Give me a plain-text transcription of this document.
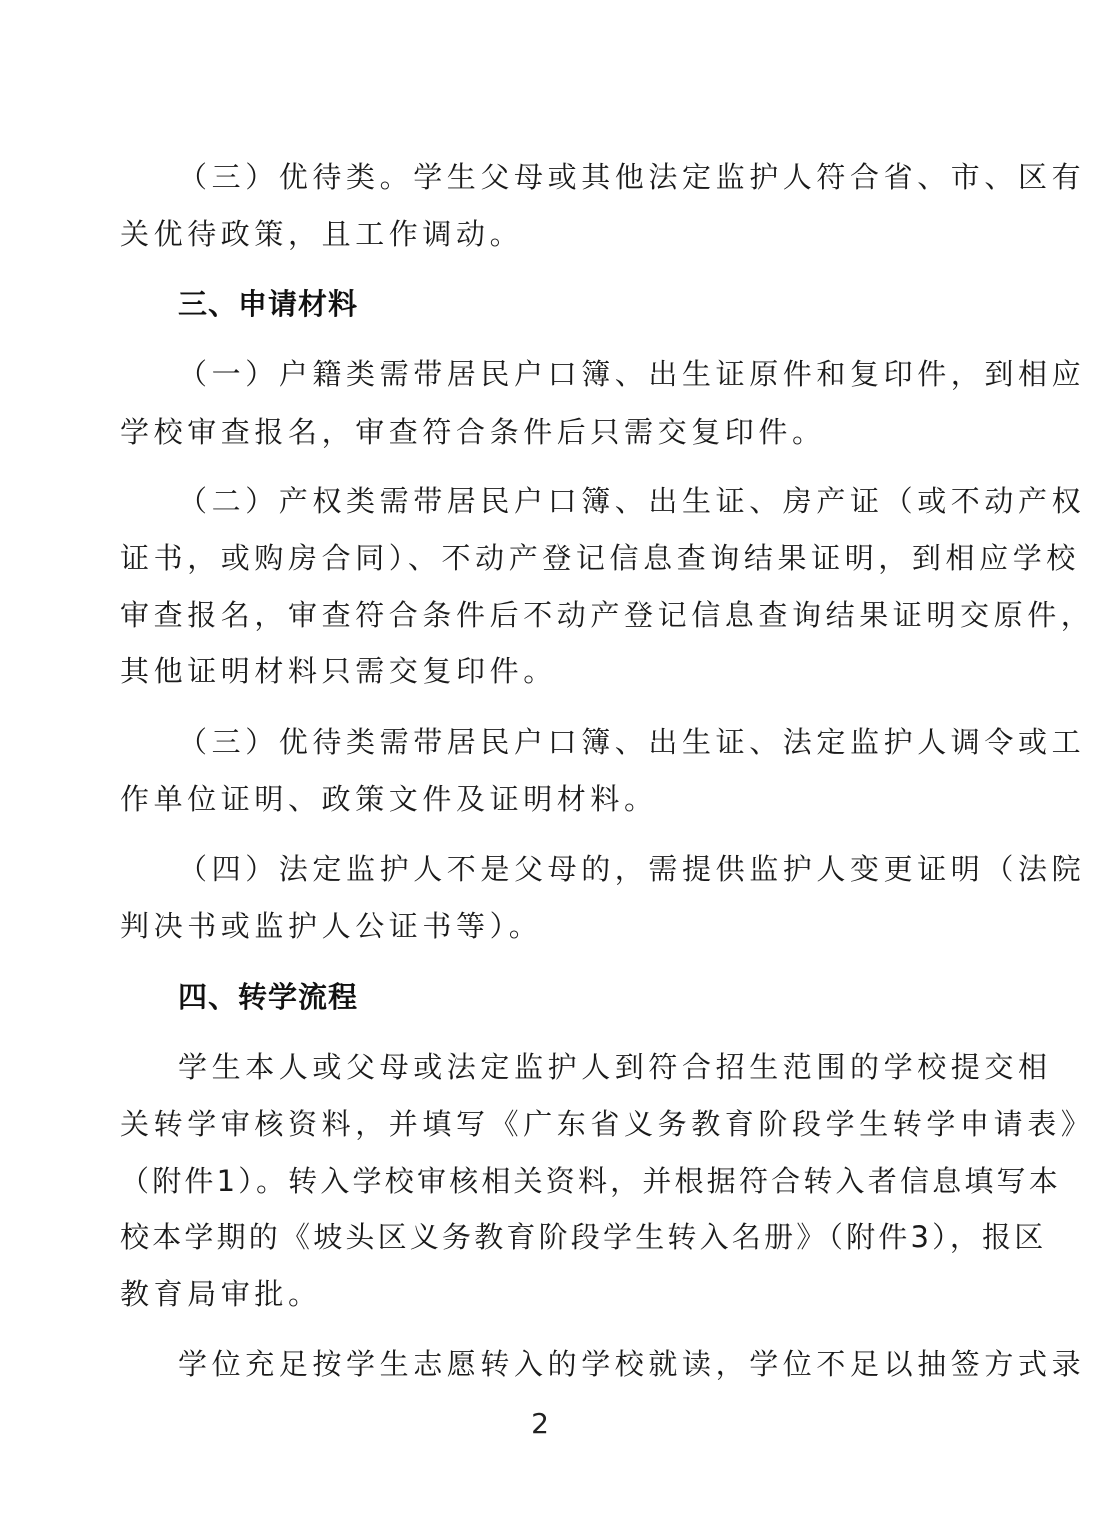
（三）优待类。学生父母或其他法定监护人符合省、市、区有
关优待政策，且工作调动。
三、申请材料
（一）户籍类需带居民户口簿、出生证原件和复印件，到相应
学校审查报名，审查符合条件后只需交复印件。
（二）产权类需带居民户口簿、出生证、房产证（或不动产权
证书，或购房合同）、不动产登记信息查询结果证明，到相应学校
审查报名，审查符合条件后不动产登记信息查询结果证明交原件，
其他证明材料只需交复印件。
（三）优待类需带居民户口簿、出生证、法定监护人调令或工
作单位证明、政策文件及证明材料。
（四）法定监护人不是父母的，需提供监护人变更证明（法院
判决书或监护人公证书等）。
四、转学流程
学生本人或父母或法定监护人到符合招生范围的学校提交相
关转学审核资料，并填写《广东省义务教育阶段学生转学申请表》
（附件1）。转入学校审核相关资料，并根据符合转入者信息填写本
校本学期的《坡头区义务教育阶段学生转入名册》（附件3），报区
教育局审批。
学位充足按学生志愿转入的学校就读，学位不足以抽签方式录
2
